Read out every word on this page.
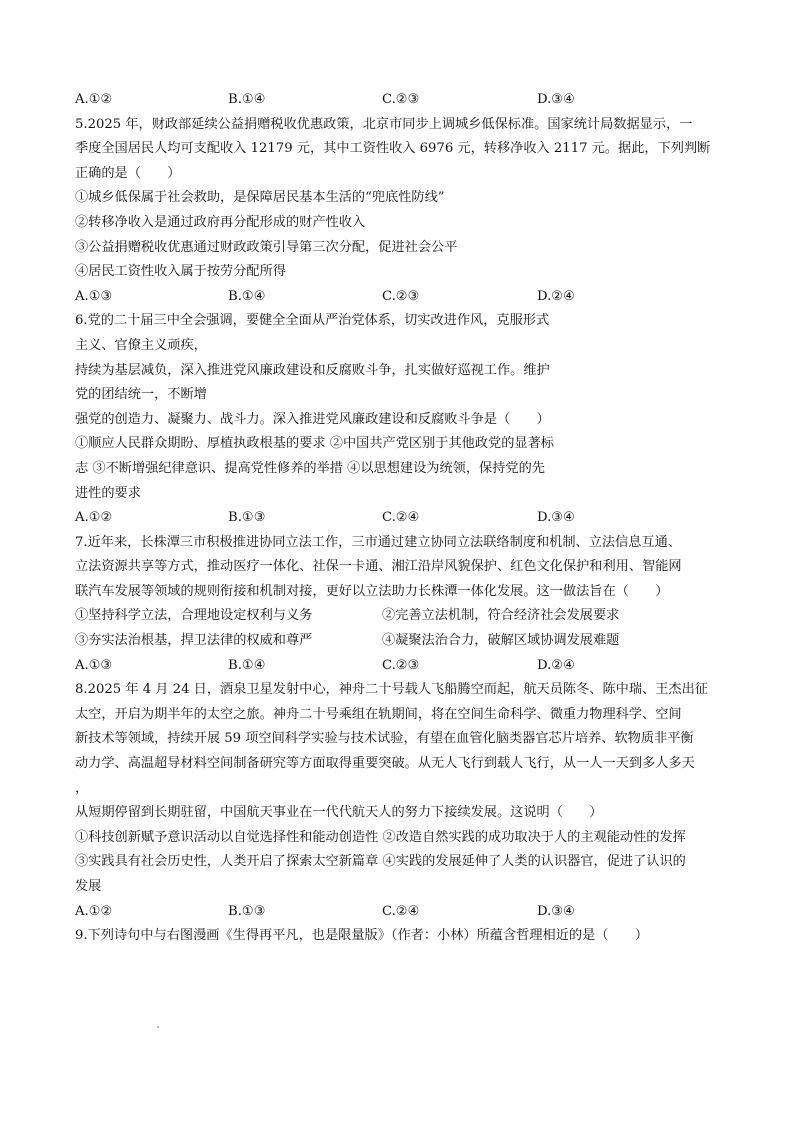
A.①②	B.①④	C.②③	D.③④
5.2025 年，财政部延续公益捐赠税收优惠政策，北京市同步上调城乡低保标准。国家统计局数据显示，一
季度全国居民人均可支配收入 12179 元，其中工资性收入 6976 元，转移净收入 2117 元。据此，下列判断
正确的是（　　）
①城乡低保属于社会救助，是保障居民基本生活的“兜底性防线”
②转移净收入是通过政府再分配形成的财产性收入
③公益捐赠税收优惠通过财政政策引导第三次分配，促进社会公平
④居民工资性收入属于按劳分配所得
A.①③	B.①④	C.②③	D.②④
6.党的二十届三中全会强调，要健全全面从严治党体系，切实改进作风，克服形式
主义、官僚主义顽疾，
持续为基层减负，深入推进党风廉政建设和反腐败斗争，扎实做好巡视工作。维护
党的团结统一，不断增
强党的创造力、凝聚力、战斗力。深入推进党风廉政建设和反腐败斗争是（　　）
①顺应人民群众期盼、厚植执政根基的要求 ②中国共产党区别于其他政党的显著标
志 ③不断增强纪律意识、提高党性修养的举措 ④以思想建设为统领，保持党的先
进性的要求
A.①②	B.①③	C.②④	D.③④
7.近年来，长株潭三市积极推进协同立法工作，三市通过建立协同立法联络制度和机制、立法信息互通、
立法资源共享等方式，推动医疗一体化、社保一卡通、湘江沿岸风貌保护、红色文化保护和利用、智能网
联汽车发展等领域的规则衔接和机制对接，更好以立法助力长株潭一体化发展。这一做法旨在（　　）
①坚持科学立法，合理地设定权利与义务	②完善立法机制，符合经济社会发展要求
③夯实法治根基，捍卫法律的权威和尊严	④凝聚法治合力，破解区域协调发展难题
A.①③	B.①④	C.②③	D.②④
8.2025 年 4 月 24 日，酒泉卫星发射中心，神舟二十号载人飞船腾空而起，航天员陈冬、陈中瑞、王杰出征
太空，开启为期半年的太空之旅。神舟二十号乘组在轨期间，将在空间生命科学、微重力物理科学、空间
新技术等领域，持续开展 59 项空间科学实验与技术试验，有望在血管化脑类器官芯片培养、软物质非平衡
动力学、高温超导材料空间制备研究等方面取得重要突破。从无人飞行到载人飞行，从一人一天到多人多天
，
从短期停留到长期驻留，中国航天事业在一代代航天人的努力下接续发展。这说明（　　）
①科技创新赋予意识活动以自觉选择性和能动创造性 ②改造自然实践的成功取决于人的主观能动性的发挥
③实践具有社会历史性，人类开启了探索太空新篇章 ④实践的发展延伸了人类的认识器官，促进了认识的
发展
A.①②	B.①③	C.②④	D.③④
9.下列诗句中与右图漫画《生得再平凡，也是限量版》（作者：小林）所蕴含哲理相近的是（　　）
